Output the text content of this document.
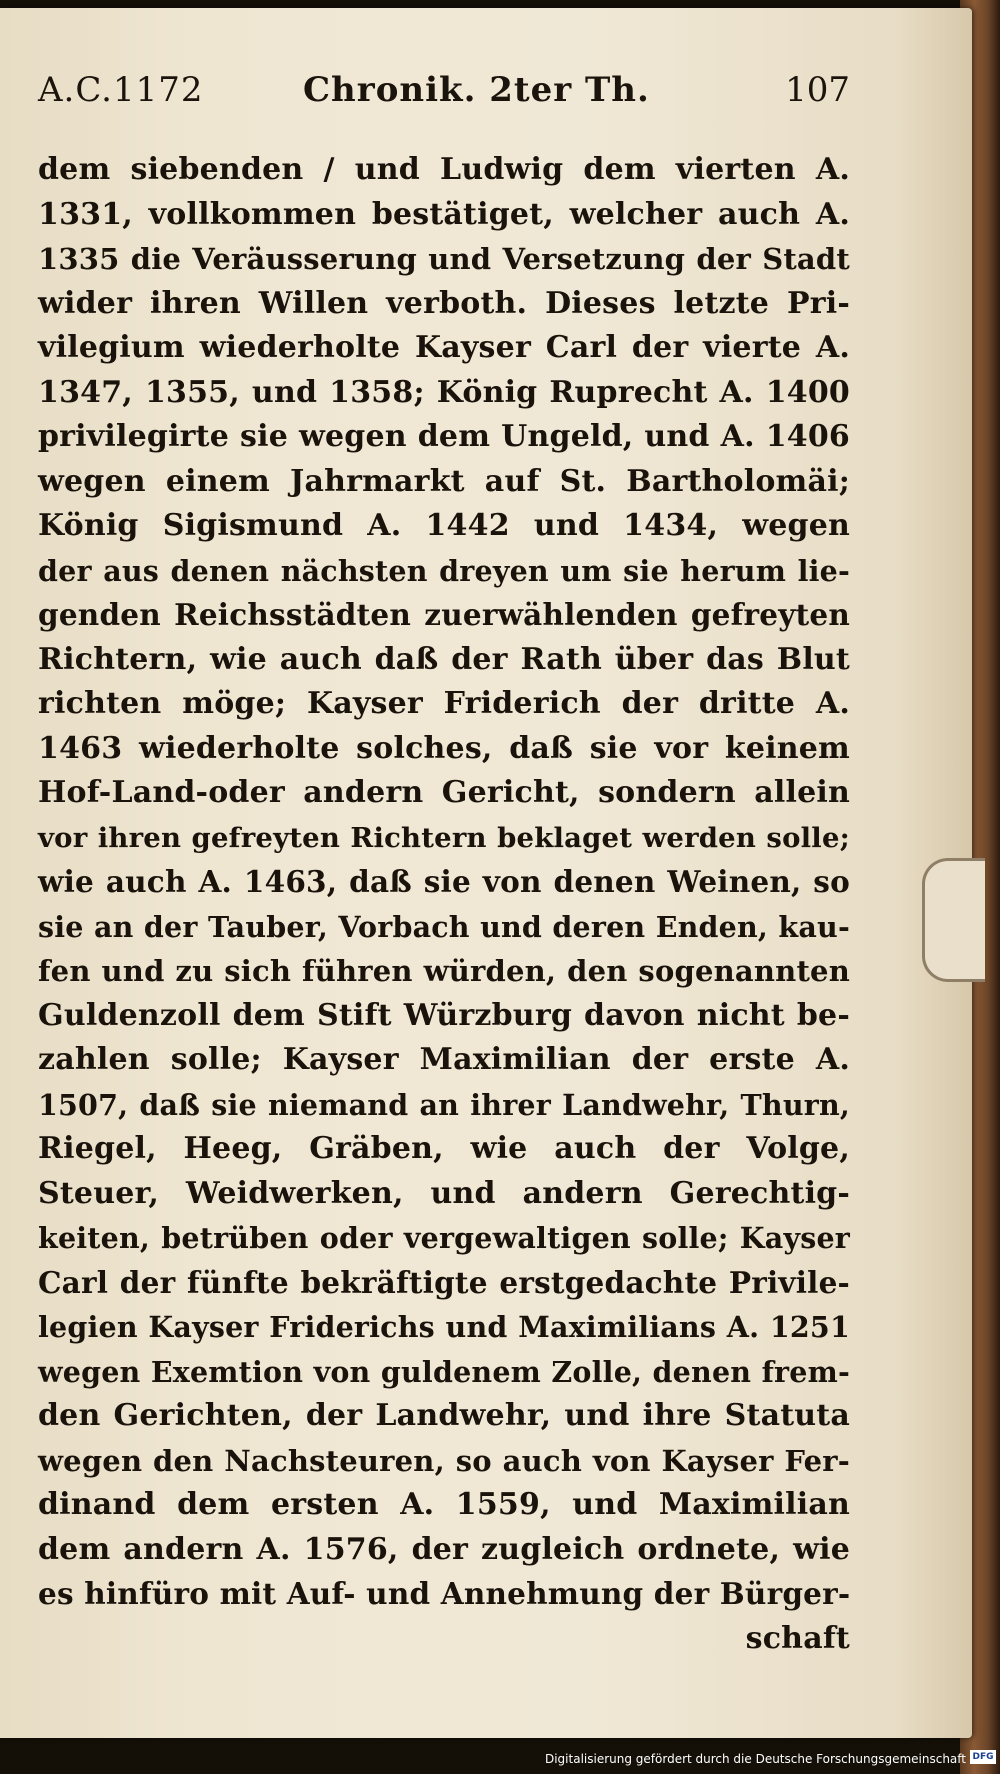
A.C.1172	Chronik. 2ter Th.	107
dem siebenden / und Ludwig dem vierten A.
1331, vollkommen bestätiget, welcher auch A.
1335 die Veräusserung und Versetzung der Stadt
wider ihren Willen verboth. Dieses letzte Pri-
vilegium wiederholte Kayser Carl der vierte A.
1347, 1355, und 1358; König Ruprecht A. 1400
privilegirte sie wegen dem Ungeld, und A. 1406
wegen einem Jahrmarkt auf St. Bartholomäi;
König Sigismund A. 1442 und 1434, wegen
der aus denen nächsten dreyen um sie herum lie-
genden Reichsstädten zuerwählenden gefreyten
Richtern, wie auch daß der Rath über das Blut
richten möge; Kayser Friderich der dritte A.
1463 wiederholte solches, daß sie vor keinem
Hof-Land-oder andern Gericht, sondern allein
vor ihren gefreyten Richtern beklaget werden solle;
wie auch A. 1463, daß sie von denen Weinen, so
sie an der Tauber, Vorbach und deren Enden, kau-
fen und zu sich führen würden, den sogenannten
Guldenzoll dem Stift Würzburg davon nicht be-
zahlen solle; Kayser Maximilian der erste A.
1507, daß sie niemand an ihrer Landwehr, Thurn,
Riegel, Heeg, Gräben, wie auch der Volge,
Steuer, Weidwerken, und andern Gerechtig-
keiten, betrüben oder vergewaltigen solle; Kayser
Carl der fünfte bekräftigte erstgedachte Privile-
legien Kayser Friderichs und Maximilians A. 1251
wegen Exemtion von guldenem Zolle, denen frem-
den Gerichten, der Landwehr, und ihre Statuta
wegen den Nachsteuren, so auch von Kayser Fer-
dinand dem ersten A. 1559, und Maximilian
dem andern A. 1576, der zugleich ordnete, wie
es hinfüro mit Auf- und Annehmung der Bürger-
schaft
Digitalisierung gefördert durch die Deutsche Forschungsgemeinschaft DFG
